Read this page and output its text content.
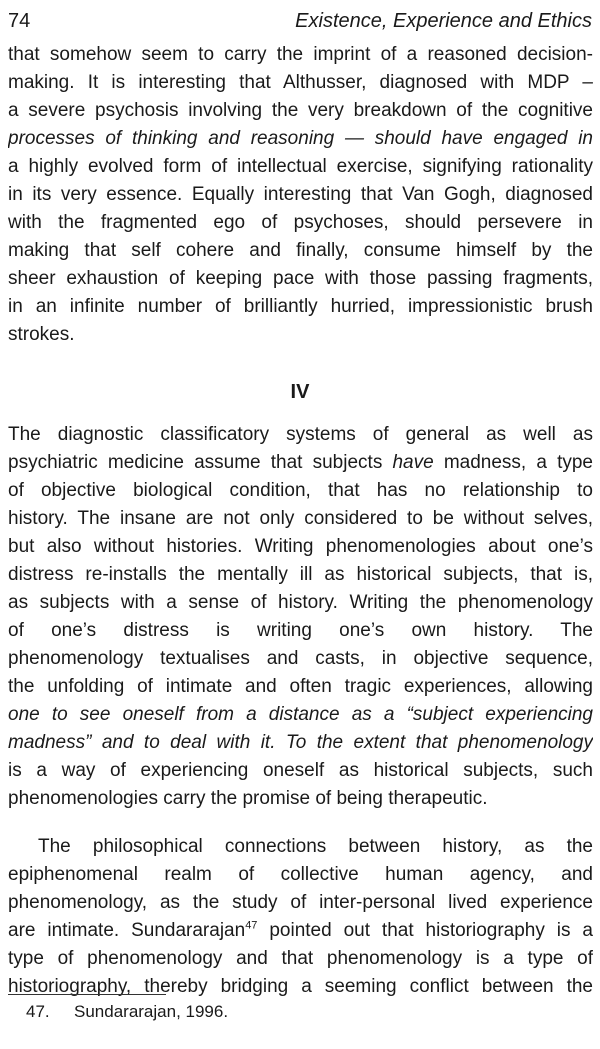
74	Existence, Experience and Ethics
that somehow seem to carry the imprint of a reasoned decision-
making. It is interesting that Althusser, diagnosed with MDP –
a severe psychosis involving the very breakdown of the cognitive
processes of thinking and reasoning — should have engaged in
a highly evolved form of intellectual exercise, signifying rationality
in its very essence. Equally interesting that Van Gogh, diagnosed
with the fragmented ego of psychoses, should persevere in
making that self cohere and finally, consume himself by the
sheer exhaustion of keeping pace with those passing fragments,
in an infinite number of brilliantly hurried, impressionistic brush
strokes.
IV
The diagnostic classificatory systems of general as well as
psychiatric medicine assume that subjects have madness, a type
of objective biological condition, that has no relationship to
history. The insane are not only considered to be without selves,
but also without histories. Writing phenomenologies about one’s
distress re-installs the mentally ill as historical subjects, that is,
as subjects with a sense of history. Writing the phenomenology
of one’s distress is writing one’s own history. The
phenomenology textualises and casts, in objective sequence,
the unfolding of intimate and often tragic experiences, allowing
one to see oneself from a distance as a “subject experiencing
madness” and to deal with it. To the extent that phenomenology
is a way of experiencing oneself as historical subjects, such
phenomenologies carry the promise of being therapeutic.
The philosophical connections between history, as the
epiphenomenal realm of collective human agency, and
phenomenology, as the study of inter-personal lived experience
are intimate. Sundararajan$^{47}$ pointed out that historiography is a
type of phenomenology and that phenomenology is a type of
historiography, thereby bridging a seeming conflict between the
47. Sundararajan, 1996.
